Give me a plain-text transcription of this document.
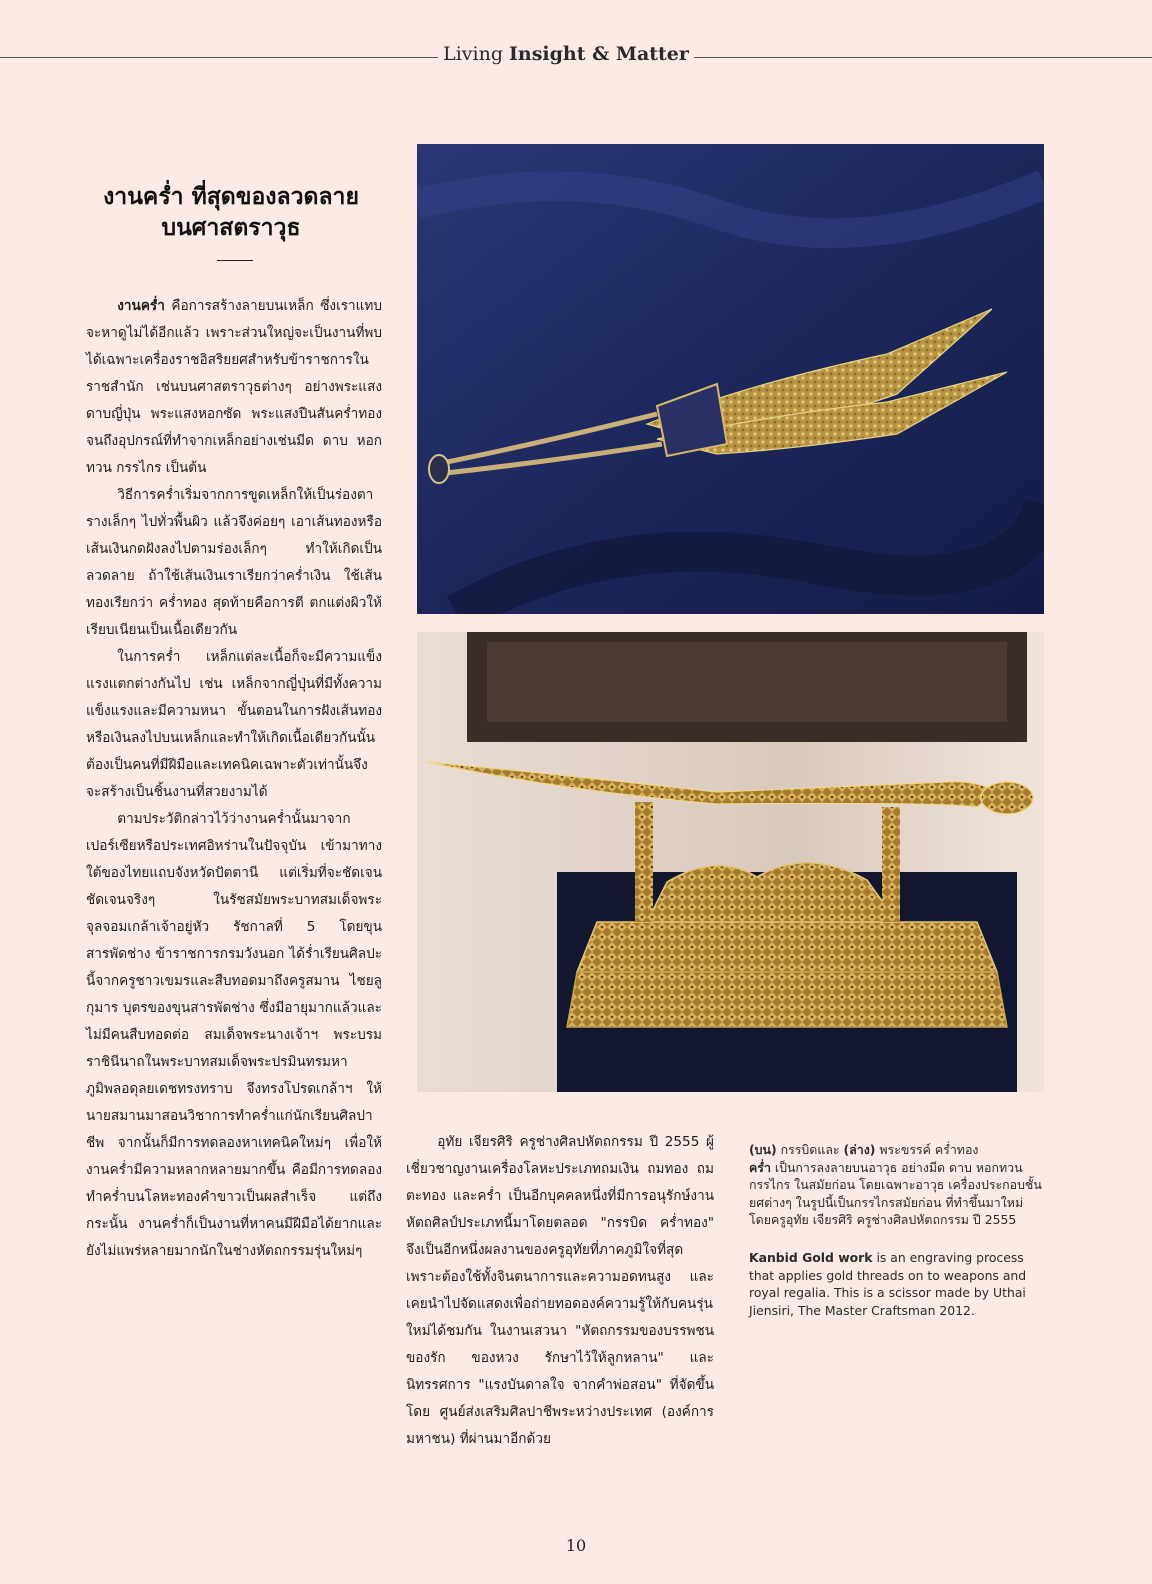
Living Insight & Matter
งานคร่ำ ที่สุดของลวดลาย
บนศาสตราวุธ

งานคร่ำ คือการสร้างลายบนเหล็ก ซึ่งเราแทบจะหาดูไม่ได้อีกแล้ว เพราะส่วนใหญ่จะเป็นงานที่พบได้เฉพาะเครื่องราชอิสริยยศสำหรับข้าราชการในราชสำนัก เช่นบนศาสตราวุธต่างๆ อย่างพระแสงดาบญี่ปุ่น พระแสงหอกซัด พระแสงปืนสันคร่ำทอง จนถึงอุปกรณ์ที่ทำจากเหล็กอย่างเช่นมีด ดาบ หอกทวน กรรไกร เป็นต้น

วิธีการคร่ำเริ่มจากการขูดเหล็กให้เป็นร่องตารางเล็กๆ ไปทั่วพื้นผิว แล้วจึงค่อยๆ เอาเส้นทองหรือเส้นเงินกดฝังลงไปตามร่องเล็กๆ ทำให้เกิดเป็นลวดลาย ถ้าใช้เส้นเงินเราเรียกว่าคร่ำเงิน ใช้เส้นทองเรียกว่า คร่ำทอง สุดท้ายคือการตี ตกแต่งผิวให้เรียบเนียนเป็นเนื้อเดียวกัน

ในการคร่ำ เหล็กแต่ละเนื้อก็จะมีความแข็งแรงแตกต่างกันไป เช่น เหล็กจากญี่ปุ่นที่มีทั้งความแข็งแรงและมีความหนา ขั้นตอนในการฝังเส้นทองหรือเงินลงไปบนเหล็กและทำให้เกิดเนื้อเดียวกันนั้น ต้องเป็นคนที่มีฝีมือและเทคนิคเฉพาะตัวเท่านั้นจึงจะสร้างเป็นชิ้นงานที่สวยงามได้

ตามประวัติกล่าวไว้ว่างานคร่ำนั้นมาจากเปอร์เซียหรือประเทศอิหร่านในปัจจุบัน เข้ามาทางใต้ของไทยแถบจังหวัดปัตตานี แต่เริ่มที่จะชัดเจนชัดเจนจริงๆ ในรัชสมัยพระบาทสมเด็จพระจุลจอมเกล้าเจ้าอยู่หัว รัชกาลที่ 5 โดยขุนสารพัดช่าง ข้าราชการกรมวังนอก ได้ร่ำเรียนศิลปะนี้จากครูชาวเขมรและสืบทอดมาถึงครูสมาน ไชยลูกุมาร บุตรของขุนสารพัดช่าง ซึ่งมีอายุมากแล้วและไม่มีคนสืบทอดต่อ สมเด็จพระนางเจ้าฯ พระบรมราชินีนาถในพระบาทสมเด็จพระปรมินทรมหาภูมิพลอดุลยเดชทรงทราบ จึงทรงโปรดเกล้าฯ ให้นายสมานมาสอนวิชาการทำคร่ำแก่นักเรียนศิลปาชีพ จากนั้นก็มีการทดลองหาเทคนิคใหม่ๆ เพื่อให้งานคร่ำมีความหลากหลายมากขึ้น คือมีการทดลองทำคร่ำบนโลหะทองคำขาวเป็นผลสำเร็จ แต่ถึงกระนั้น งานคร่ำก็เป็นงานที่หาคนมีฝีมือได้ยากและยังไม่แพร่หลายมากนักในช่างหัตถกรรมรุ่นใหม่ๆ

อุทัย เจียรศิริ ครูช่างศิลปหัตถกรรม ปี 2555 ผู้เชี่ยวชาญงานเครื่องโลหะประเภทถมเงิน ถมทอง ถมตะทอง และคร่ำ เป็นอีกบุคคลหนึ่งที่มีการอนุรักษ์งานหัตถศิลป์ประเภทนี้มาโดยตลอด "กรรบิด คร่ำทอง" จึงเป็นอีกหนึ่งผลงานของครูอุทัยที่ภาคภูมิใจที่สุด เพราะต้องใช้ทั้งจินตนาการและความอดทนสูง และเคยนำไปจัดแสดงเพื่อถ่ายทอดองค์ความรู้ให้กับคนรุ่นใหม่ได้ชมกัน ในงานเสวนา "หัตถกรรมของบรรพชน ของรัก ของหวง รักษาไว้ให้ลูกหลาน" และนิทรรศการ "แรงบันดาลใจ จากคำพ่อสอน" ที่จัดขึ้นโดย ศูนย์ส่งเสริมศิลปาชีพระหว่างประเทศ (องค์การมหาชน) ที่ผ่านมาอีกด้วย

(บน) กรรบิดและ (ล่าง) พระขรรค์ คร่ำทอง
คร่ำ เป็นการลงลายบนอาวุธ อย่างมีด ดาบ หอกทวน กรรไกร ในสมัยก่อน โดยเฉพาะอาวุธ เครื่องประกอบชั้นยศต่างๆ ในรูปนี้เป็นกรรไกรสมัยก่อน ที่ทำขึ้นมาใหม่ โดยครูอุทัย เจียรศิริ ครูช่างศิลปหัตถกรรม ปี 2555
Kanbid Gold work is an engraving process that applies gold threads on to weapons and royal regalia. This is a scissor made by Uthai Jiensiri, The Master Craftsman 2012.
10
